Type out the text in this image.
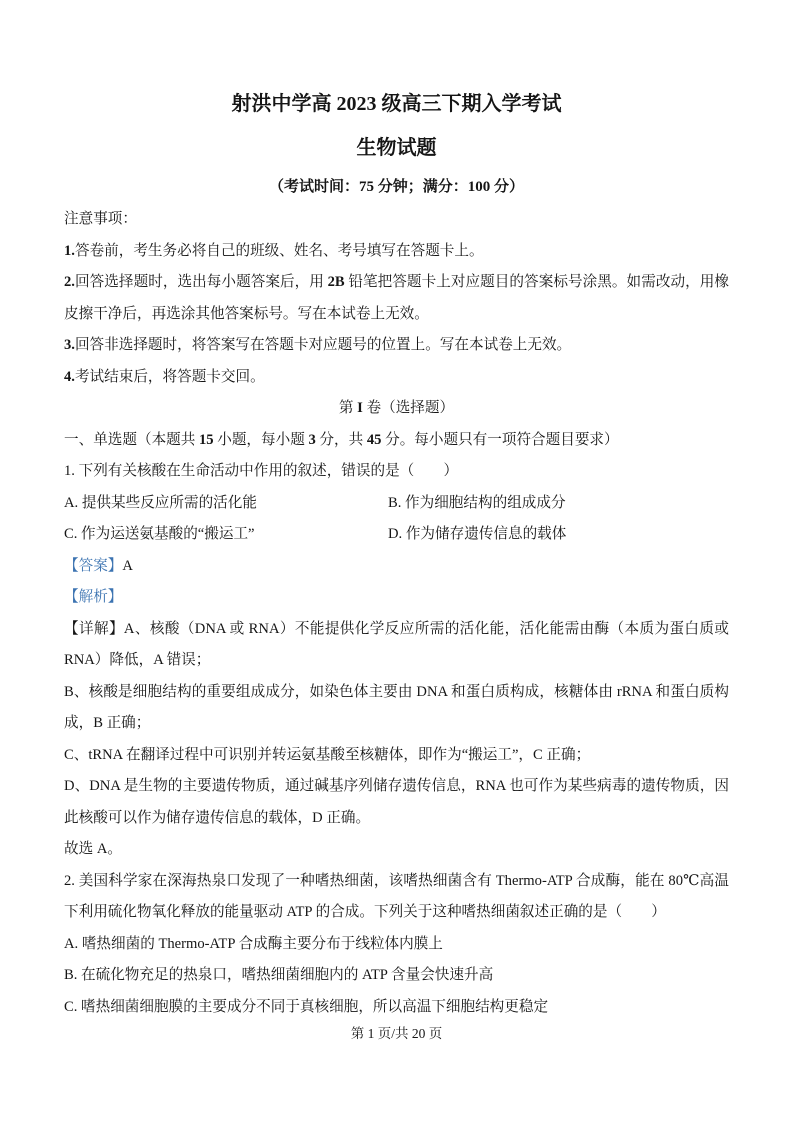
射洪中学高 2023 级高三下期入学考试
生物试题

（考试时间：75 分钟；满分：100 分）

注意事项：

1.答卷前，考生务必将自己的班级、姓名、考号填写在答题卡上。

2.回答选择题时，选出每小题答案后，用 2B 铅笔把答题卡上对应题目的答案标号涂黑。如需改动，用橡皮擦干净后，再选涂其他答案标号。写在本试卷上无效。

3.回答非选择题时，将答案写在答题卡对应题号的位置上。写在本试卷上无效。

4.考试结束后，将答题卡交回。

第 I 卷（选择题）

一、单选题（本题共 15 小题，每小题 3 分，共 45 分。每小题只有一项符合题目要求）

1. 下列有关核酸在生命活动中作用的叙述，错误的是（　　）

A. 提供某些反应所需的活化能	B. 作为细胞结构的组成成分
C. 作为运送氨基酸的“搬运工”	D. 作为储存遗传信息的载体

【答案】A

【解析】

【详解】A、核酸（DNA 或 RNA）不能提供化学反应所需的活化能，活化能需由酶（本质为蛋白质或 RNA）降低，A 错误；

B、核酸是细胞结构的重要组成成分，如染色体主要由 DNA 和蛋白质构成，核糖体由 rRNA 和蛋白质构成，B 正确；

C、tRNA 在翻译过程中可识别并转运氨基酸至核糖体，即作为“搬运工”，C 正确；

D、DNA 是生物的主要遗传物质，通过碱基序列储存遗传信息，RNA 也可作为某些病毒的遗传物质，因此核酸可以作为储存遗传信息的载体，D 正确。

故选 A。

2. 美国科学家在深海热泉口发现了一种嗜热细菌，该嗜热细菌含有 Thermo-ATP 合成酶，能在 80℃高温下利用硫化物氧化释放的能量驱动 ATP 的合成。下列关于这种嗜热细菌叙述正确的是（　　）

A. 嗜热细菌的 Thermo-ATP 合成酶主要分布于线粒体内膜上

B. 在硫化物充足的热泉口，嗜热细菌细胞内的 ATP 含量会快速升高

C. 嗜热细菌细胞膜的主要成分不同于真核细胞，所以高温下细胞结构更稳定

第 1 页/共 20 页
